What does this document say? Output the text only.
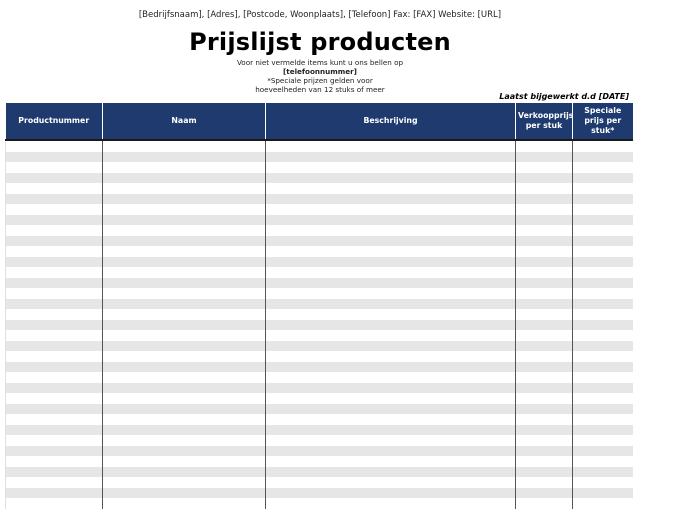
[Bedrijfsnaam], [Adres], [Postcode, Woonplaats], [Telefoon] Fax: [FAX] Website: [URL]
Prijslijst producten
Voor niet vermelde items kunt u ons bellen op
[telefoonnummer]
*Speciale prijzen gelden voor
hoeveelheden van 12 stuks of meer
Laatst bijgewerkt d.d [DATE]
Productnummer	Naam	Beschrijving	Verkoopprijs per stuk	Speciale prijs per stuk*
